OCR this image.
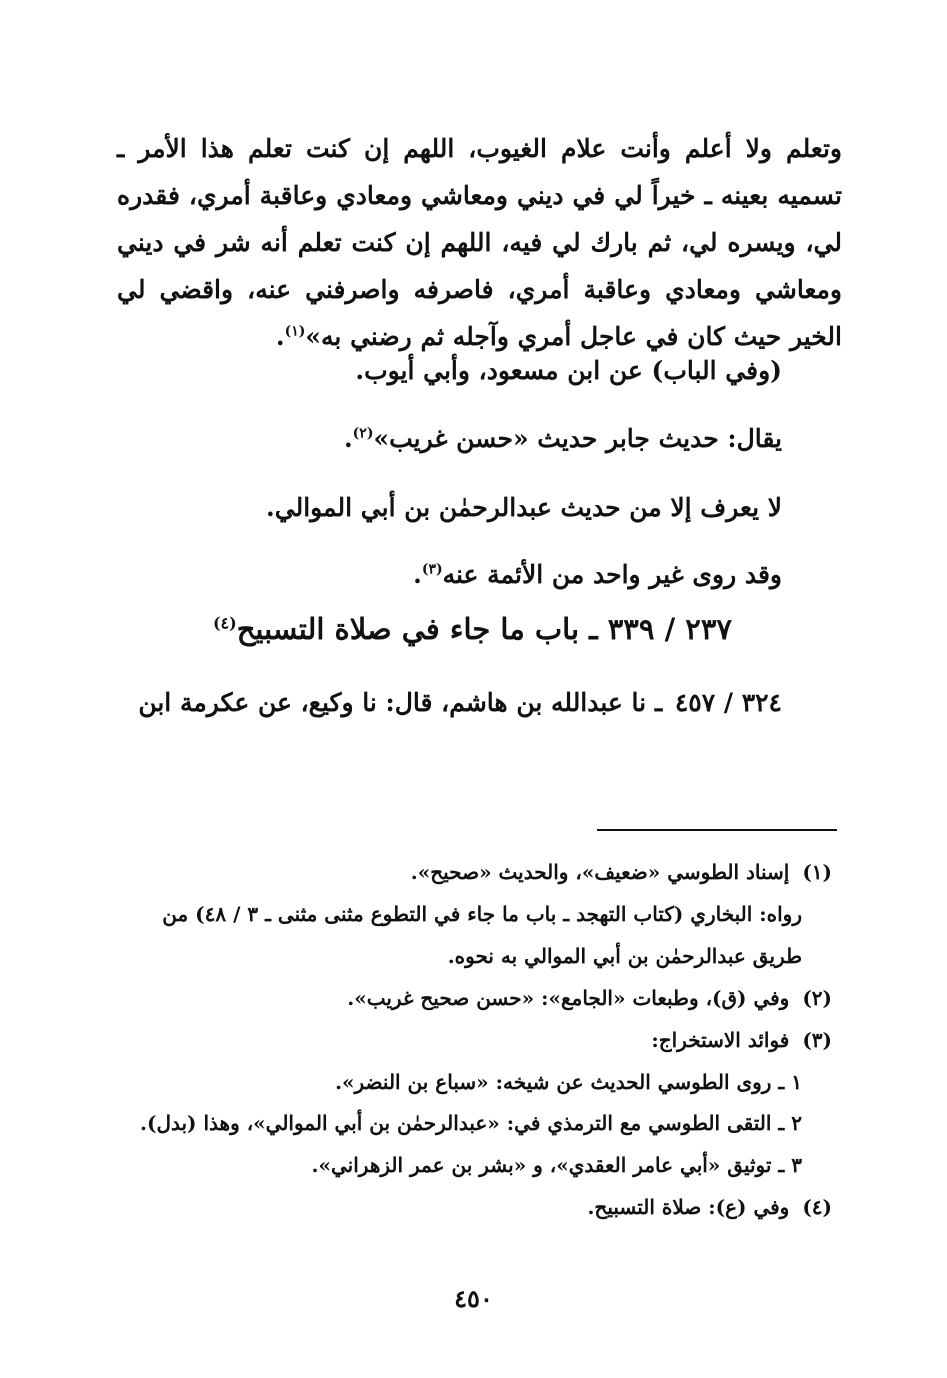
وتعلم ولا أعلم وأنت علام الغيوب، اللهم إن كنت تعلم هذا الأمر ـ تسميه بعينه ـ خيراً لي في ديني ومعاشي ومعادي وعاقبة أمري، فقدره لي، ويسره لي، ثم بارك لي فيه، اللهم إن كنت تعلم أنه شر في ديني ومعاشي ومعادي وعاقبة أمري، فاصرفه واصرفني عنه، واقضي لي الخير حيث كان في عاجل أمري وآجله ثم رضني به»$^{(١)}$.

(وفي الباب) عن ابن مسعود، وأبي أيوب.
يقال: حديث جابر حديث «حسن غريب»$^{(٢)}$.
لا يعرف إلا من حديث عبدالرحمٰن بن أبي الموالي.
وقد روى غير واحد من الأئمة عنه$^{(٣)}$.
٢٣٧ / ٣٣٩ ـ باب ما جاء في صلاة التسبيح$^{(٤)}$
٣٢٤ / ٤٥٧ ـ نا عبدالله بن هاشم، قال: نا وكيع، عن عكرمة ابن
(١) إسناد الطوسي «ضعيف»، والحديث «صحيح».
رواه: البخاري (كتاب التهجد ـ باب ما جاء في التطوع مثنى مثنى ـ ٣ / ٤٨) من
طريق عبدالرحمٰن بن أبي الموالي به نحوه.
(٢) وفي (ق)، وطبعات «الجامع»: «حسن صحيح غريب».
(٣) فوائد الاستخراج:
١ ـ روى الطوسي الحديث عن شيخه: «سباع بن النضر».
٢ ـ التقى الطوسي مع الترمذي في: «عبدالرحمٰن بن أبي الموالي»، وهذا (بدل).
٣ ـ توثيق «أبي عامر العقدي»، و «بشر بن عمر الزهراني».
(٤) وفي (ع): صلاة التسبيح.
٤٥٠
